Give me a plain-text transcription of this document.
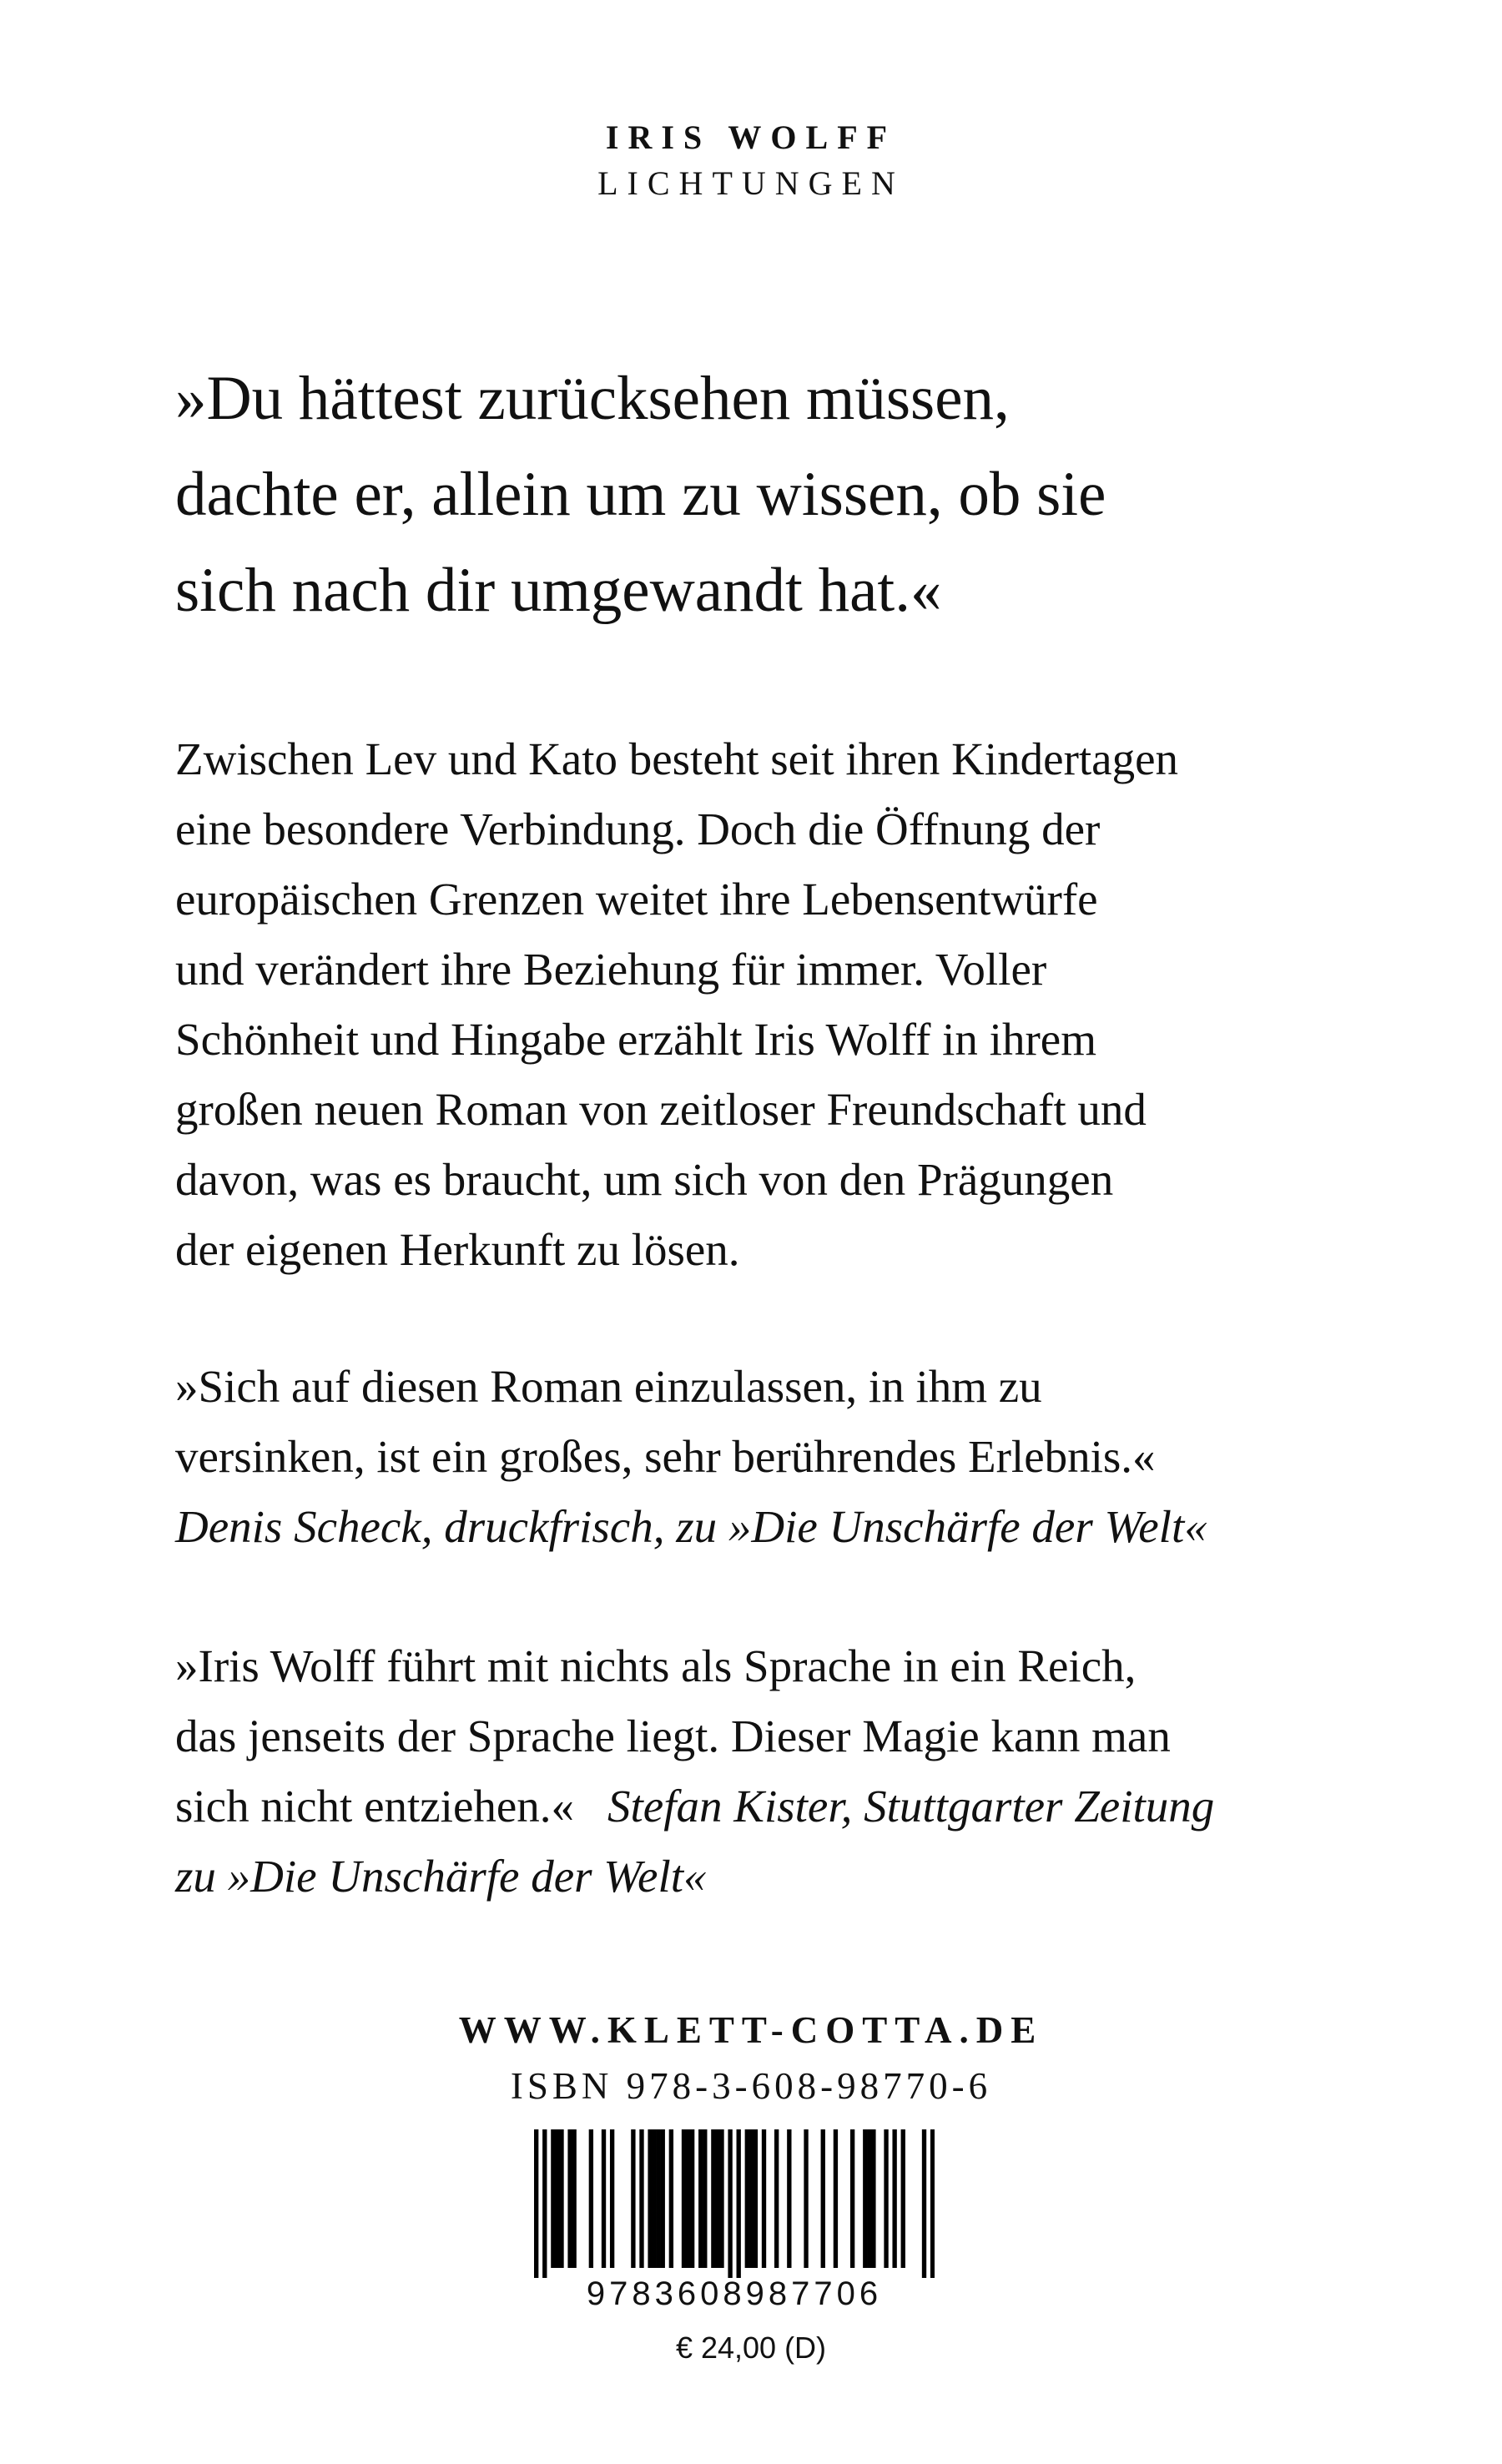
IRIS WOLFF
LICHTUNGEN
»Du hättest zurücksehen müssen,
dachte er, allein um zu wissen, ob sie
sich nach dir umgewandt hat.«
Zwischen Lev und Kato besteht seit ihren Kindertagen
eine besondere Verbindung. Doch die Öffnung der
europäischen Grenzen weitet ihre Lebensentwürfe
und verändert ihre Beziehung für immer. Voller
Schönheit und Hingabe erzählt Iris Wolff in ihrem
großen neuen Roman von zeitloser Freundschaft und
davon, was es braucht, um sich von den Prägungen
der eigenen Herkunft zu lösen.
»Sich auf diesen Roman einzulassen, in ihm zu
versinken, ist ein großes, sehr berührendes Erlebnis.«
Denis Scheck, druckfrisch, zu »Die Unschärfe der Welt«
»Iris Wolff führt mit nichts als Sprache in ein Reich,
das jenseits der Sprache liegt. Dieser Magie kann man
sich nicht entziehen.« Stefan Kister, Stuttgarter Zeitung
zu »Die Unschärfe der Welt«
WWW.KLETT-COTTA.DE
ISBN 978-3-608-98770-6
9783608987706
€ 24,00 (D)
